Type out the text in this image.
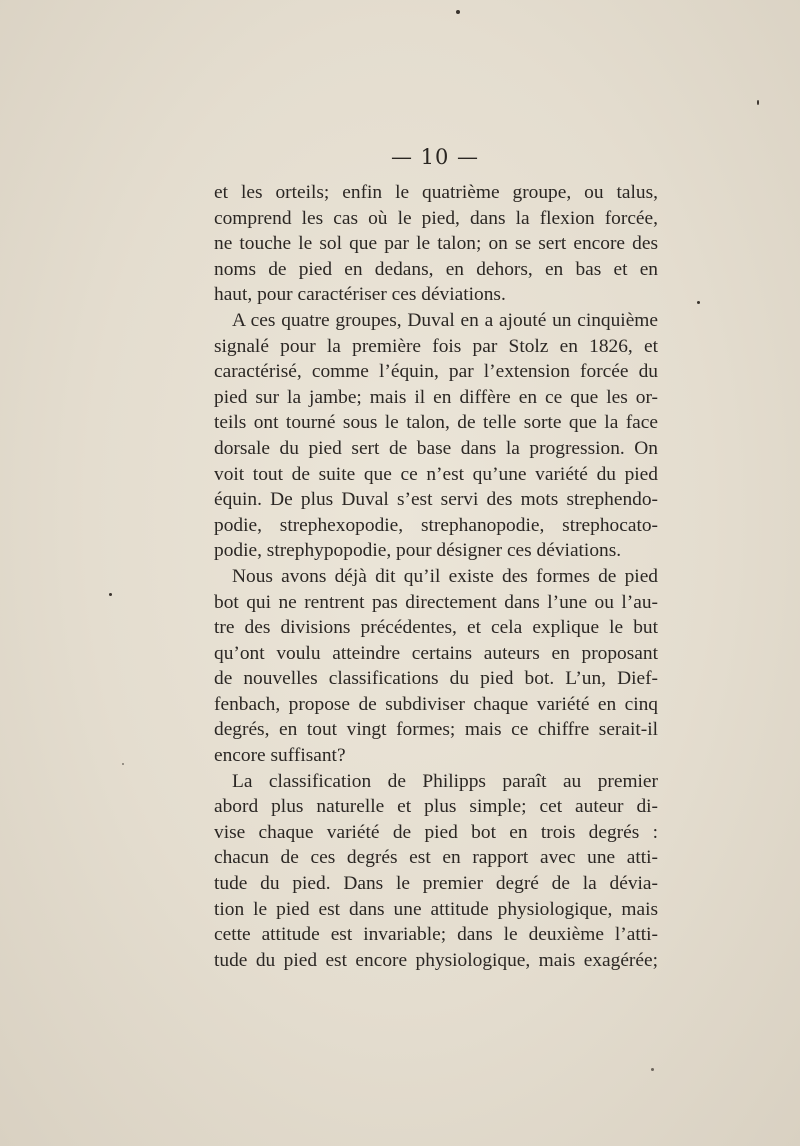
— 10 —
et les orteils; enfin le quatrième groupe, ou talus,
comprend les cas où le pied, dans la flexion forcée,
ne touche le sol que par le talon; on se sert encore des
noms de pied en dedans, en dehors, en bas et en
haut, pour caractériser ces déviations.
A ces quatre groupes, Duval en a ajouté un cinquième
signalé pour la première fois par Stolz en 1826, et
caractérisé, comme l’équin, par l’extension forcée du
pied sur la jambe; mais il en diffère en ce que les or-
teils ont tourné sous le talon, de telle sorte que la face
dorsale du pied sert de base dans la progression. On
voit tout de suite que ce n’est qu’une variété du pied
équin. De plus Duval s’est servi des mots strephendo-
podie, strephexopodie, strephanopodie, strephocato-
podie, strephypopodie, pour désigner ces déviations.
Nous avons déjà dit qu’il existe des formes de pied
bot qui ne rentrent pas directement dans l’une ou l’au-
tre des divisions précédentes, et cela explique le but
qu’ont voulu atteindre certains auteurs en proposant
de nouvelles classifications du pied bot. L’un, Dief-
fenbach, propose de subdiviser chaque variété en cinq
degrés, en tout vingt formes; mais ce chiffre serait-il
encore suffisant?
La classification de Philipps paraît au premier
abord plus naturelle et plus simple; cet auteur di-
vise chaque variété de pied bot en trois degrés :
chacun de ces degrés est en rapport avec une atti-
tude du pied. Dans le premier degré de la dévia-
tion le pied est dans une attitude physiologique, mais
cette attitude est invariable; dans le deuxième l’atti-
tude du pied est encore physiologique, mais exagérée;
